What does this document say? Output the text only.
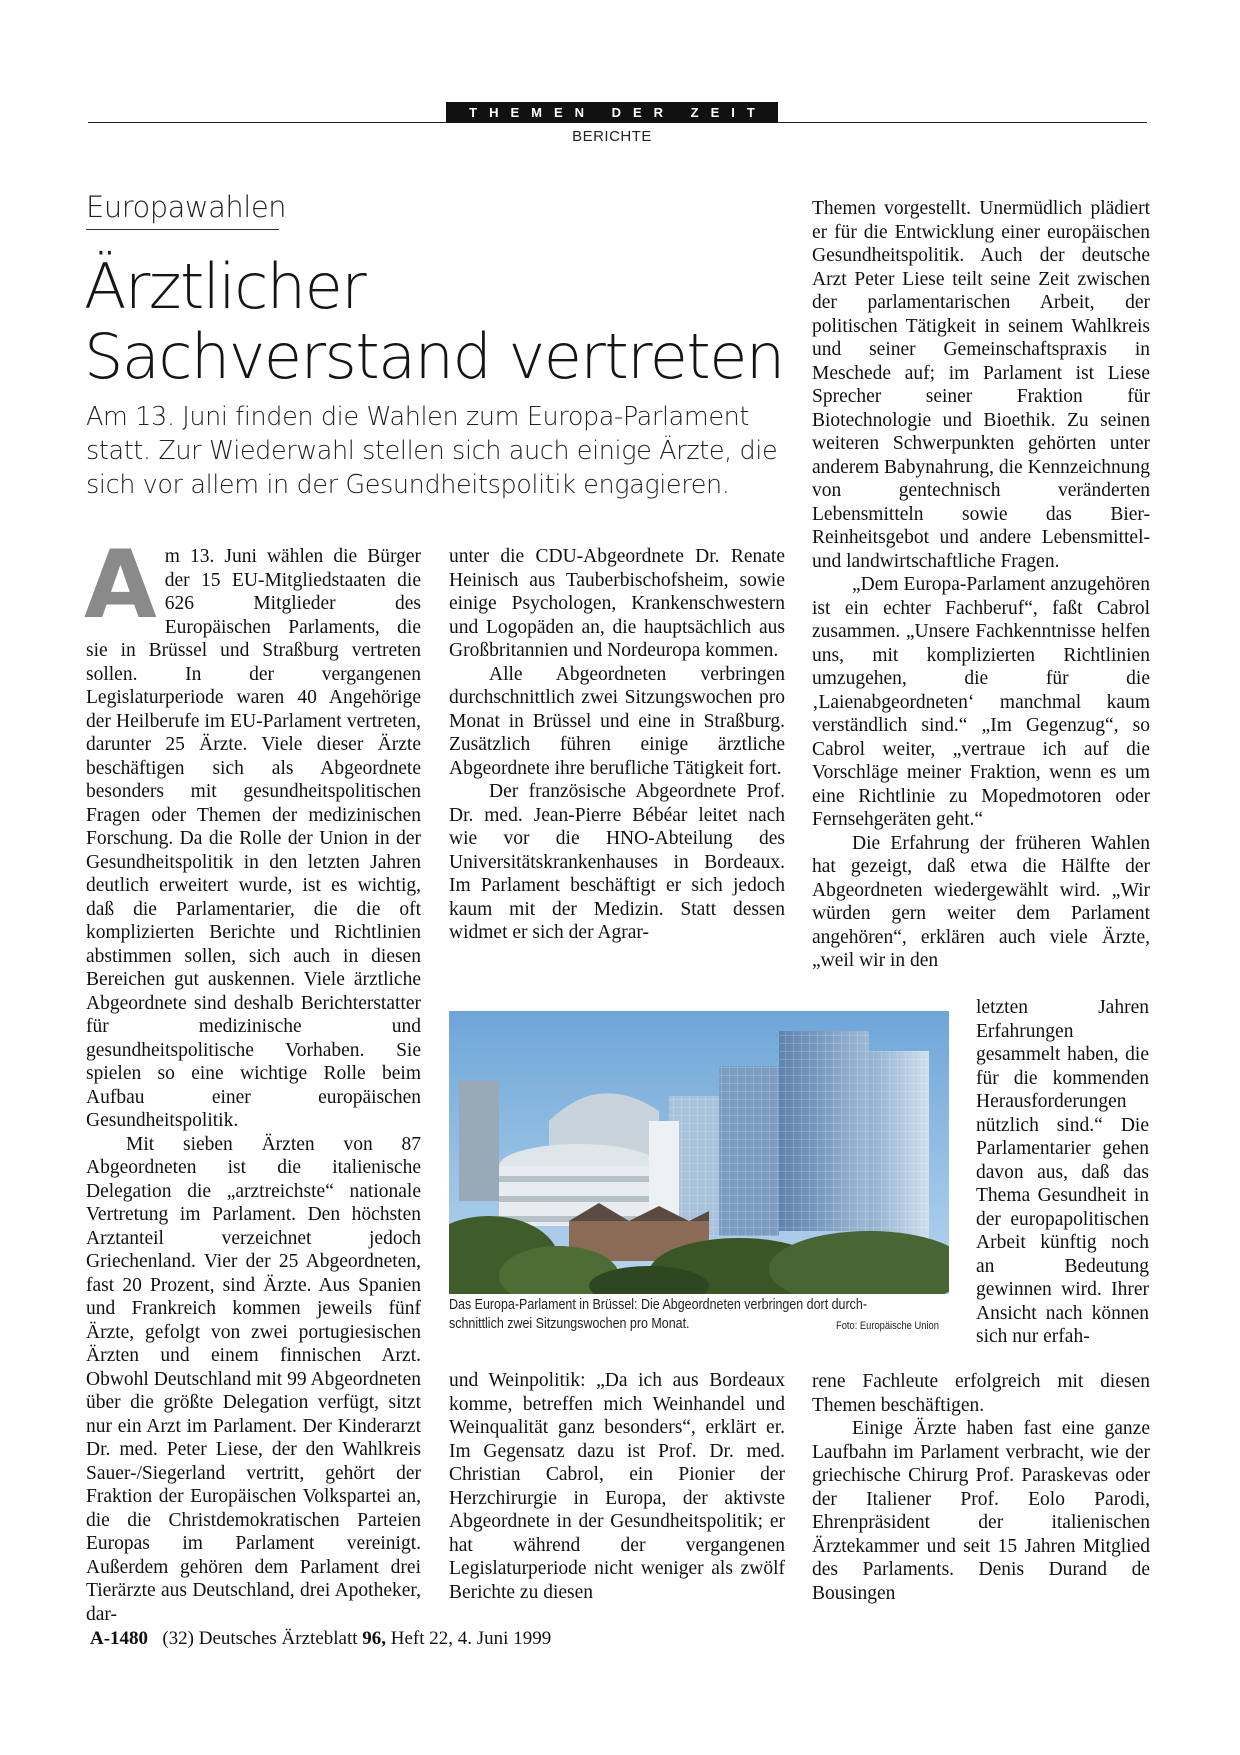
THEMEN DER ZEIT
BERICHTE
Europawahlen
Ärztlicher Sachverstand vertreten

Am 13. Juni finden die Wahlen zum Europa-Parlament statt. Zur Wiederwahl stellen sich auch einige Ärzte, die sich vor allem in der Gesundheitspolitik engagieren.

Am 13. Juni wählen die Bürger der 15 EU-Mitgliedstaaten die 626 Mitglieder des Europäischen Parlaments, die sie in Brüssel und Straßburg vertreten sollen. In der vergangenen Legislaturperiode waren 40 Angehörige der Heilberufe im EU-Parlament vertreten, darunter 25 Ärzte. Viele dieser Ärzte beschäftigen sich als Abgeordnete besonders mit gesundheitspolitischen Fragen oder Themen der medizinischen Forschung. Da die Rolle der Union in der Gesundheitspolitik in den letzten Jahren deutlich erweitert wurde, ist es wichtig, daß die Parlamentarier, die die oft komplizierten Berichte und Richtlinien abstimmen sollen, sich auch in diesen Bereichen gut auskennen. Viele ärztliche Abgeordnete sind deshalb Berichterstatter für medizinische und gesundheitspolitische Vorhaben. Sie spielen so eine wichtige Rolle beim Aufbau einer europäischen Gesundheitspolitik.

Mit sieben Ärzten von 87 Abgeordneten ist die italienische Delegation die „arztreichste“ nationale Vertretung im Parlament. Den höchsten Arztanteil verzeichnet jedoch Griechenland. Vier der 25 Abgeordneten, fast 20 Prozent, sind Ärzte. Aus Spanien und Frankreich kommen jeweils fünf Ärzte, gefolgt von zwei portugiesischen Ärzten und einem finnischen Arzt. Obwohl Deutschland mit 99 Abgeordneten über die größte Delegation verfügt, sitzt nur ein Arzt im Parlament. Der Kinderarzt Dr. med. Peter Liese, der den Wahlkreis Sauer-/Siegerland vertritt, gehört der Fraktion der Europäischen Volkspartei an, die die Christdemokratischen Parteien Europas im Parlament vereinigt. Außerdem gehören dem Parlament drei Tierärzte aus Deutschland, drei Apotheker, dar-

unter die CDU-Abgeordnete Dr. Renate Heinisch aus Tauberbischofsheim, sowie einige Psychologen, Krankenschwestern und Logopäden an, die hauptsächlich aus Großbritannien und Nordeuropa kommen.

Alle Abgeordneten verbringen durchschnittlich zwei Sitzungswochen pro Monat in Brüssel und eine in Straßburg. Zusätzlich führen einige ärztliche Abgeordnete ihre berufliche Tätigkeit fort.

Der französische Abgeordnete Prof. Dr. med. Jean-Pierre Bébéar leitet nach wie vor die HNO-Abteilung des Universitätskrankenhauses in Bordeaux. Im Parlament beschäftigt er sich jedoch kaum mit der Medizin. Statt dessen widmet er sich der Agrar-

Das Europa-Parlament in Brüssel: Die Abgeordneten verbringen dort durch-
schnittlich zwei Sitzungswochen pro Monat.	Foto: Europäische Union

und Weinpolitik: „Da ich aus Bordeaux komme, betreffen mich Weinhandel und Weinqualität ganz besonders“, erklärt er. Im Gegensatz dazu ist Prof. Dr. med. Christian Cabrol, ein Pionier der Herzchirurgie in Europa, der aktivste Abgeordnete in der Gesundheitspolitik; er hat während der vergangenen Legislaturperiode nicht weniger als zwölf Berichte zu diesen

Themen vorgestellt. Unermüdlich plädiert er für die Entwicklung einer europäischen Gesundheitspolitik. Auch der deutsche Arzt Peter Liese teilt seine Zeit zwischen der parlamentarischen Arbeit, der politischen Tätigkeit in seinem Wahlkreis und seiner Gemeinschaftspraxis in Meschede auf; im Parlament ist Liese Sprecher seiner Fraktion für Biotechnologie und Bioethik. Zu seinen weiteren Schwerpunkten gehörten unter anderem Babynahrung, die Kennzeichnung von gentechnisch veränderten Lebensmitteln sowie das Bier-Reinheitsgebot und andere Lebensmittel- und landwirtschaftliche Fragen.

„Dem Europa-Parlament anzugehören ist ein echter Fachberuf“, faßt Cabrol zusammen. „Unsere Fachkenntnisse helfen uns, mit komplizierten Richtlinien umzugehen, die für die ‚Laienabgeordneten‘ manchmal kaum verständlich sind.“ „Im Gegenzug“, so Cabrol weiter, „vertraue ich auf die Vorschläge meiner Fraktion, wenn es um eine Richtlinie zu Mopedmotoren oder Fernsehgeräten geht.“

Die Erfahrung der früheren Wahlen hat gezeigt, daß etwa die Hälfte der Abgeordneten wiedergewählt wird. „Wir würden gern weiter dem Parlament angehören“, erklären auch viele Ärzte, „weil wir in den

letzten Jahren Erfahrungen gesammelt haben, die für die kommenden Herausforderungen nützlich sind.“ Die Parlamentarier gehen davon aus, daß das Thema Gesundheit in der europapolitischen Arbeit künftig noch an Bedeutung gewinnen wird. Ihrer Ansicht nach können sich nur erfah-

rene Fachleute erfolgreich mit diesen Themen beschäftigen.

Einige Ärzte haben fast eine ganze Laufbahn im Parlament verbracht, wie der griechische Chirurg Prof. Paraskevas oder der Italiener Prof. Eolo Parodi, Ehrenpräsident der italienischen Ärztekammer und seit 15 Jahren Mitglied des Parlaments. Denis Durand de Bousingen

A-1480 (32) Deutsches Ärzteblatt 96, Heft 22, 4. Juni 1999
